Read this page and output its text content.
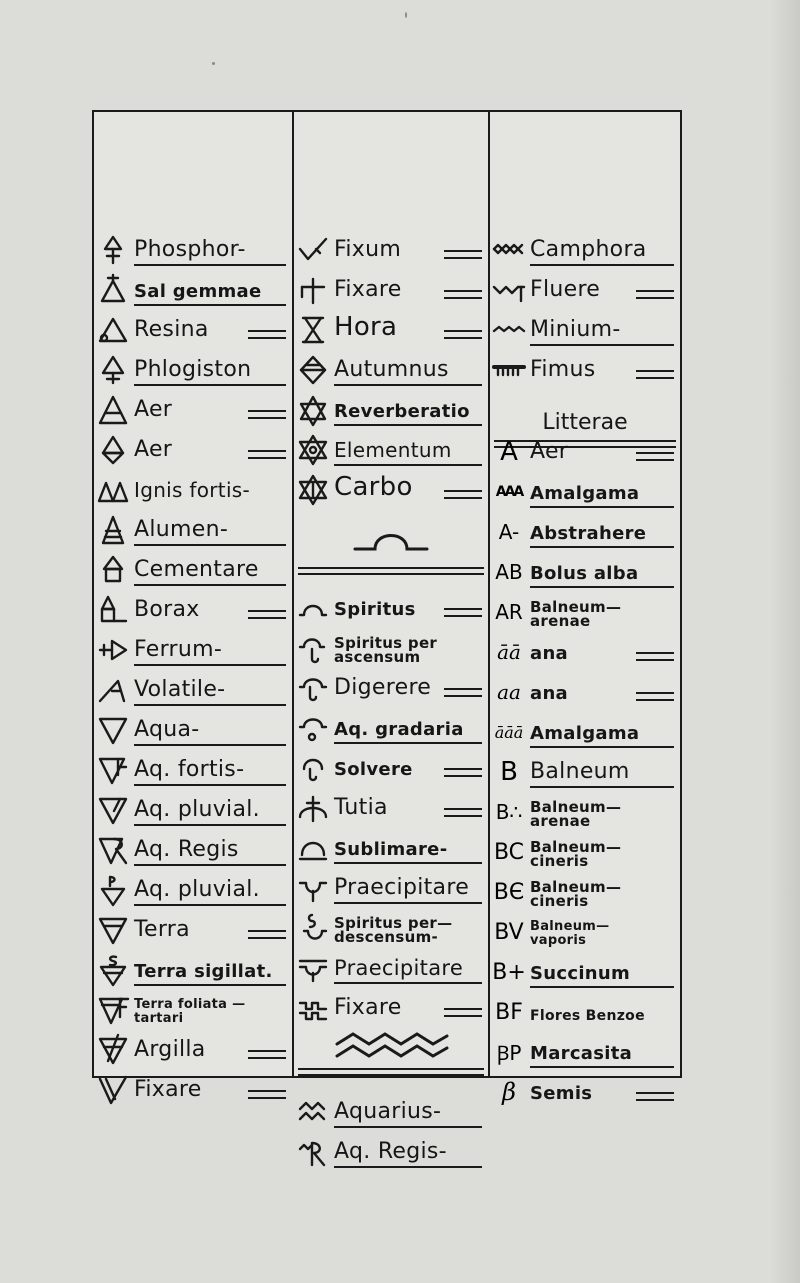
Phosphor-
Sal gemmae
Resina
Phlogiston
Aer
Aer
Ignis fortis-
Alumen-
Cementare
Borax
Ferrum-
Volatile-
Aqua-
Aq. fortis-
Aq. pluvial.
Aq. Regis
Aq. pluvial.
Terra
Terra sigillat.
Terra foliata — tartari
Argilla
Fixare
Fixum
Fixare
Hora
Autumnus
Reverberatio
Elementum
Carbo
Spiritus
Spiritus per ascensum
Digerere
Aq. gradaria
Solvere
Tutia
Sublimare-
Praecipitare
Spiritus per— descensum-
Praecipitare
Fixare
Aquarius-
Aq. Regis-
Camphora
Fluere
Minium-
Fimus
Litterae
A Aer
AAA Amalgama
A- Abstrahere
AB Bolus alba
AR Balneum— arenae
āā ana
aa ana
āāā Amalgama
B Balneum
B∴ Balneum— arenae
BC Balneum— cineris
BЄ Balneum— cineris
BV Balneum— vaporis
B+ Succinum
BF Flores Benzoe
ꞴP Marcasita
β Semis
